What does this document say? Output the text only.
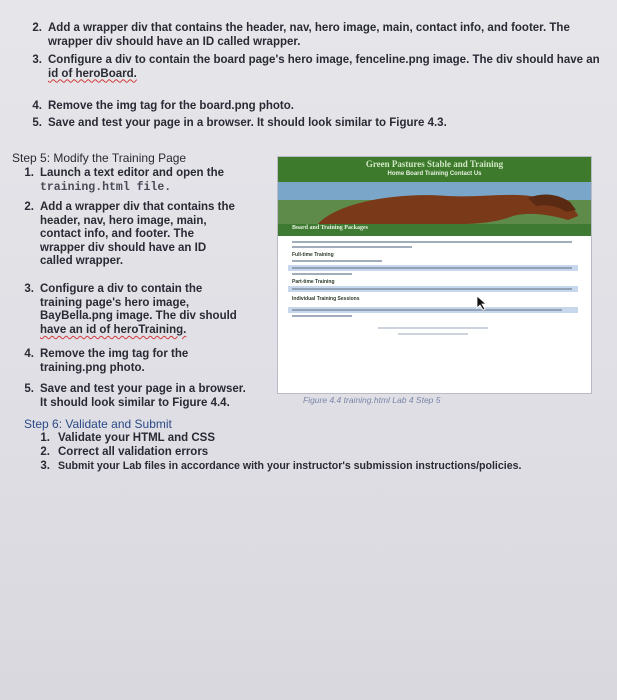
2. Add a wrapper div that contains the header, nav, hero image, main, contact info, and footer. The
wrapper div should have an ID called wrapper.
3. Configure a div to contain the board page's hero image, fenceline.png image. The div should have an
id of heroBoard.
4. Remove the img tag for the board.png photo.
5. Save and test your page in a browser. It should look similar to Figure 4.3.
Step 5: Modify the Training Page
1. Launch a text editor and open the
training.html file.
2. Add a wrapper div that contains the
header, nav, hero image, main,
contact info, and footer. The
wrapper div should have an ID
called wrapper.
3. Configure a div to contain the
training page's hero image,
BayBella.png image. The div should
have an id of heroTraining.
4. Remove the img tag for the
training.png photo.
5. Save and test your page in a browser.
It should look similar to Figure 4.4.
Green Pastures Stable and Training
Home Board Training Contact Us
Board and Training Packages
Full-time Training
Part-time Training
Individual Training Sessions
Figure 4.4 training.html Lab 4 Step 5
Step 6: Validate and Submit
1. Validate your HTML and CSS
2. Correct all validation errors
3. Submit your Lab files in accordance with your instructor's submission instructions/policies.
